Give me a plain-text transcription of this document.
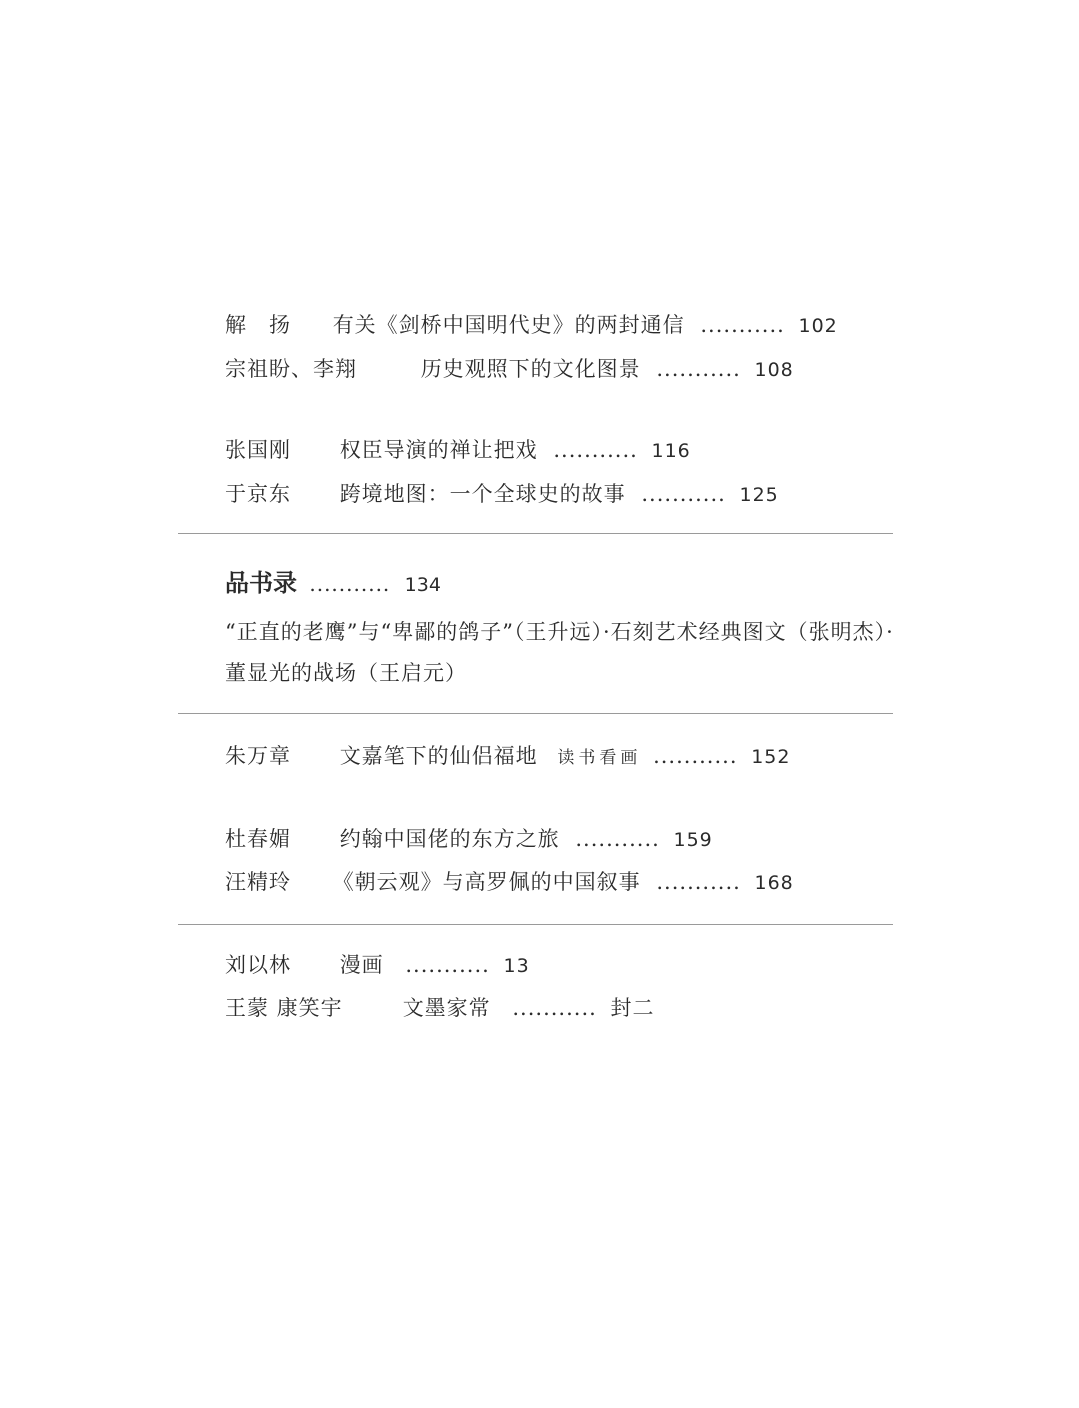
解　扬 有关《剑桥中国明代史》的两封通信 ........... 102
宗祖盼、李翔	历史观照下的文化图景 ........... 108
张国刚 权臣导演的禅让把戏 ........... 116
于京东 跨境地图：一个全球史的故事 ........... 125
品书录 ........... 134
“正直的老鹰”与“卑鄙的鸽子”（王升远）·石刻艺术经典图文（张明杰）·董显光的战场（王启元）
朱万章 文嘉笔下的仙侣福地 读书看画 ........... 152
杜春媚 约翰中国佬的东方之旅 ........... 159
汪精玲 《朝云观》与高罗佩的中国叙事 ........... 168
刘以林 漫画 ........... 13
王蒙 康笑宇	文墨家常 ........... 封二
